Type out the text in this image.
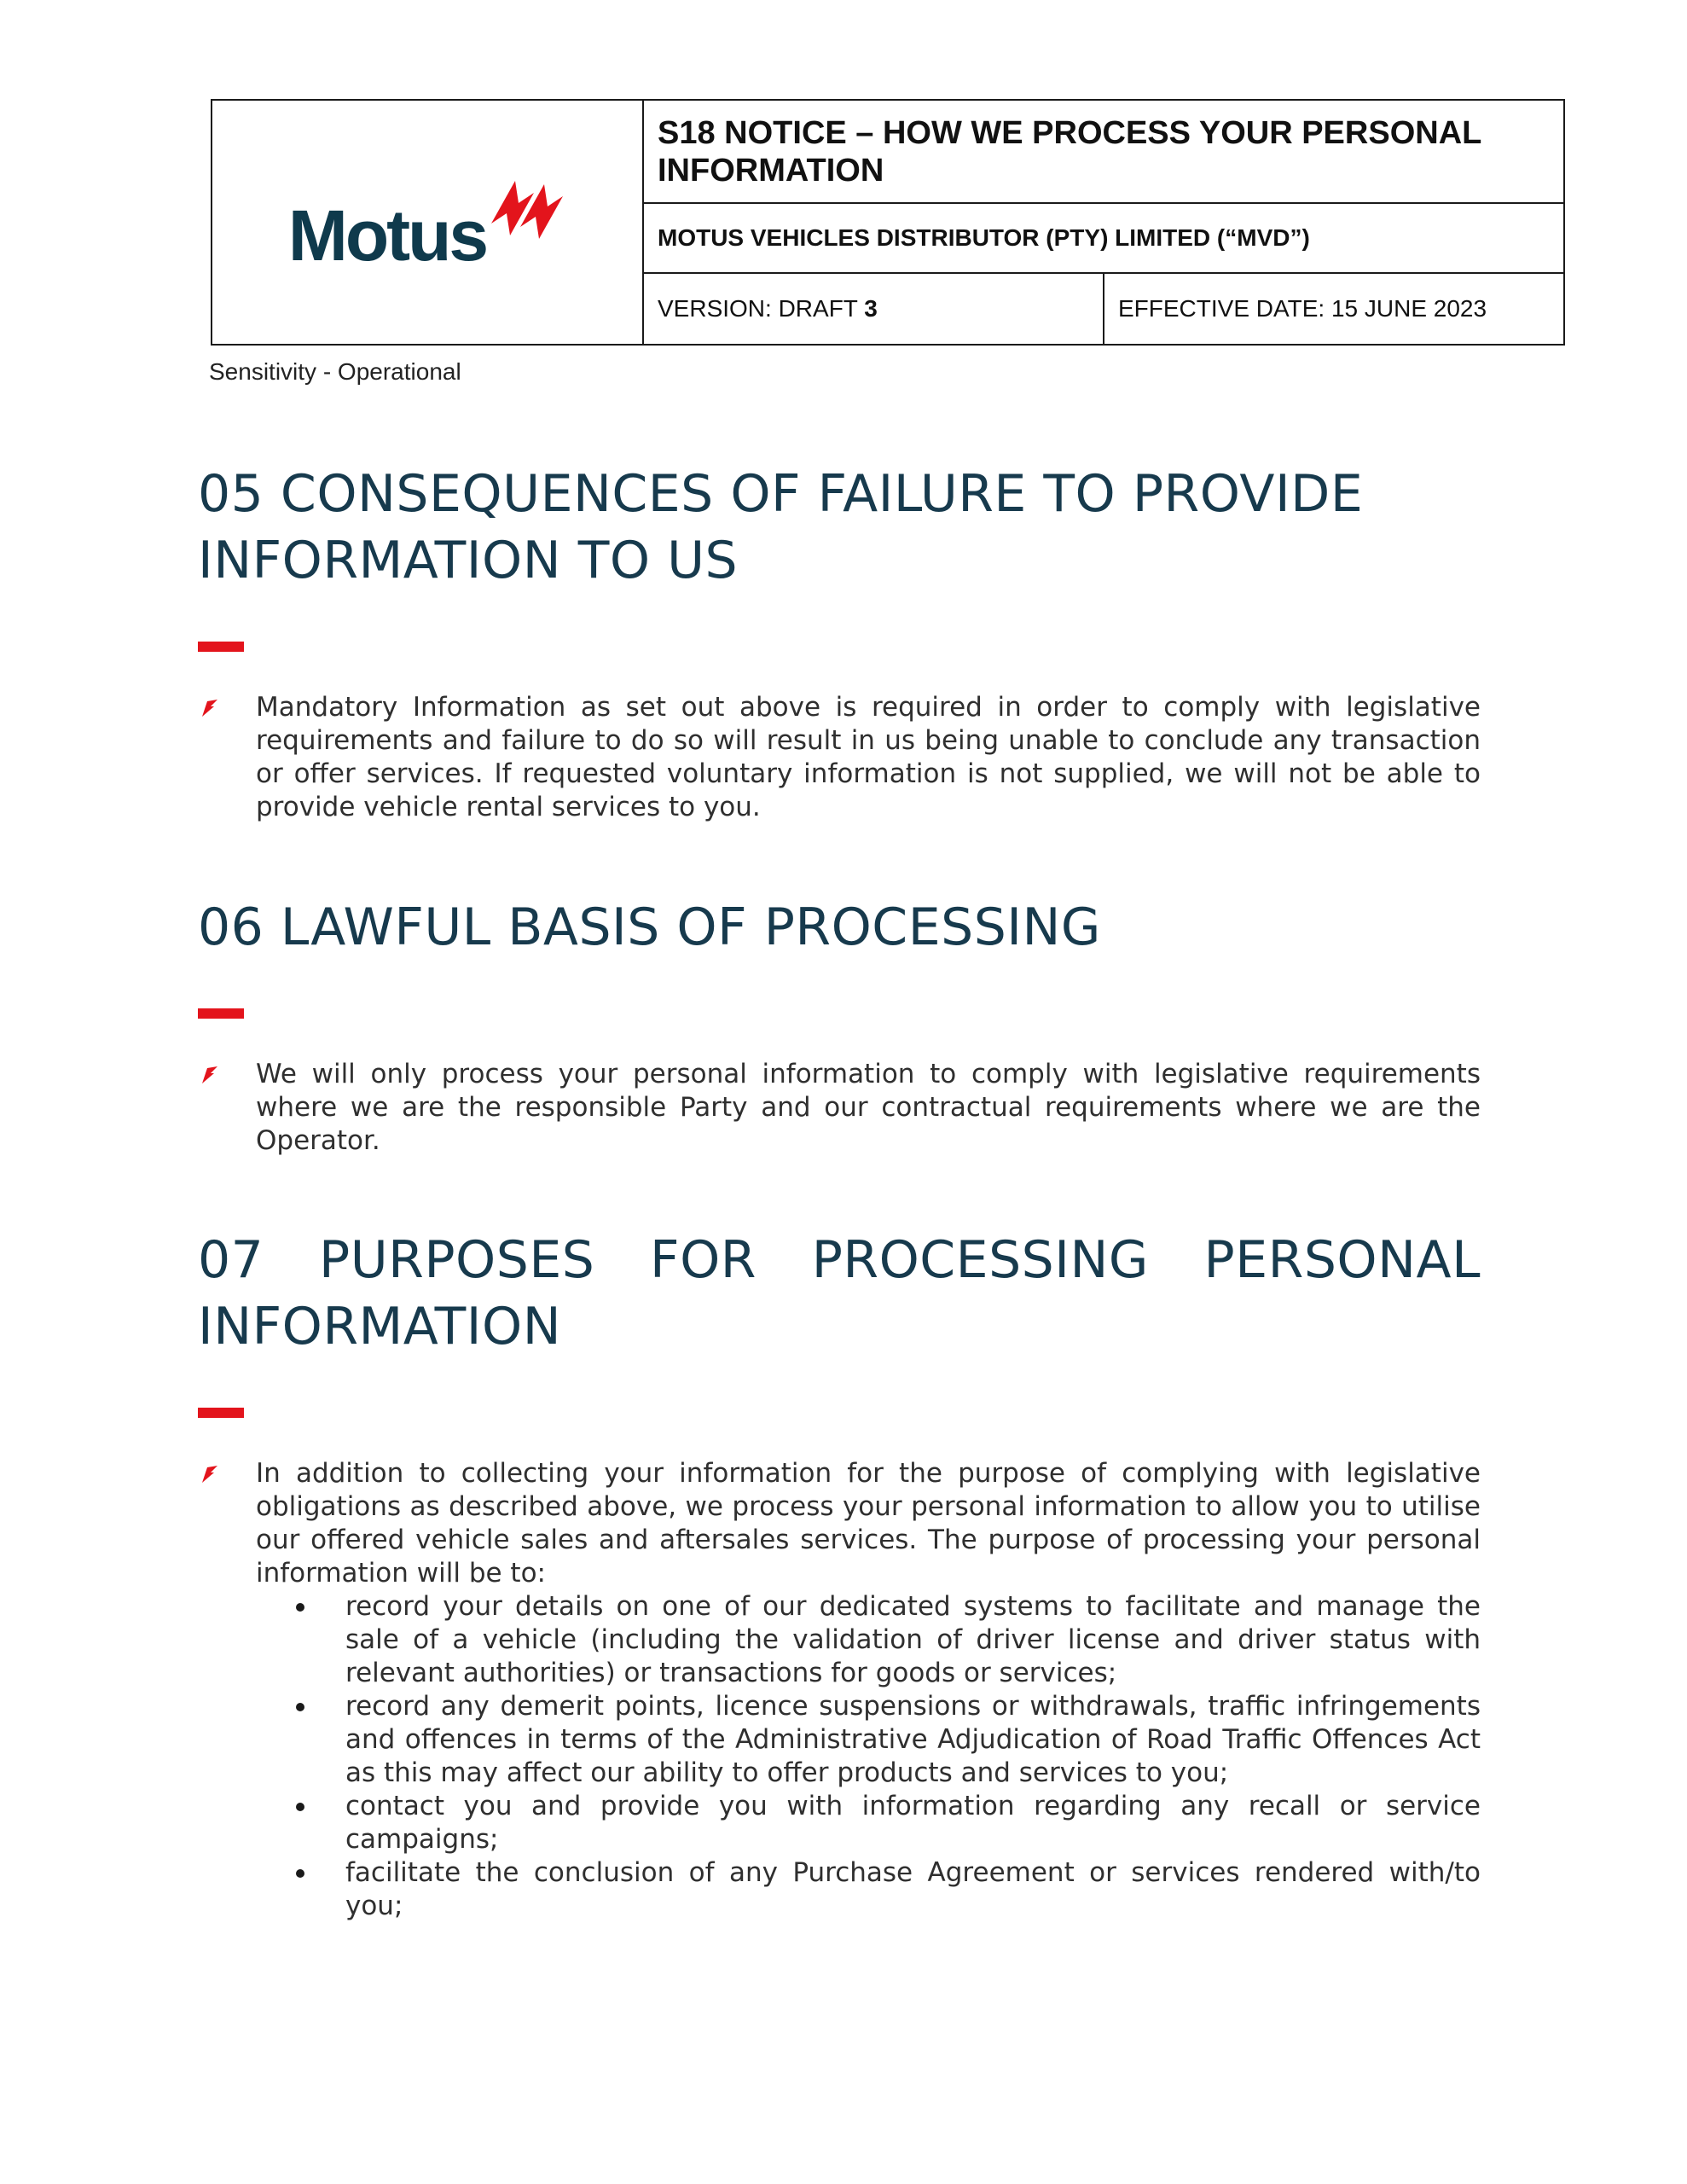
Motus	S18 NOTICE – HOW WE PROCESS YOUR PERSONAL INFORMATION	
	MOTUS VEHICLES DISTRIBUTOR (PTY) LIMITED (“MVD”)	
	VERSION: DRAFT 3	EFFECTIVE DATE: 15 JUNE 2023
Sensitivity - Operational
05 CONSEQUENCES OF FAILURE TO PROVIDE INFORMATION TO US
Mandatory Information as set out above is required in order to comply with legislative requirements and failure to do so will result in us being unable to conclude any transaction or offer services. If requested voluntary information is not supplied, we will not be able to provide vehicle rental services to you.
06 LAWFUL BASIS OF PROCESSING
We will only process your personal information to comply with legislative requirements where we are the responsible Party and our contractual requirements where we are the Operator.
07 PURPOSES FOR PROCESSING PERSONAL INFORMATION
In addition to collecting your information for the purpose of complying with legislative obligations as described above, we process your personal information to allow you to utilise our offered vehicle sales and aftersales services. The purpose of processing your personal information will be to:
record your details on one of our dedicated systems to facilitate and manage the sale of a vehicle (including the validation of driver license and driver status with relevant authorities) or transactions for goods or services;
record any demerit points, licence suspensions or withdrawals, traffic infringements and offences in terms of the Administrative Adjudication of Road Traffic Offences Act as this may affect our ability to offer products and services to you;
contact you and provide you with information regarding any recall or service campaigns;
facilitate the conclusion of any Purchase Agreement or services rendered with/to you;
